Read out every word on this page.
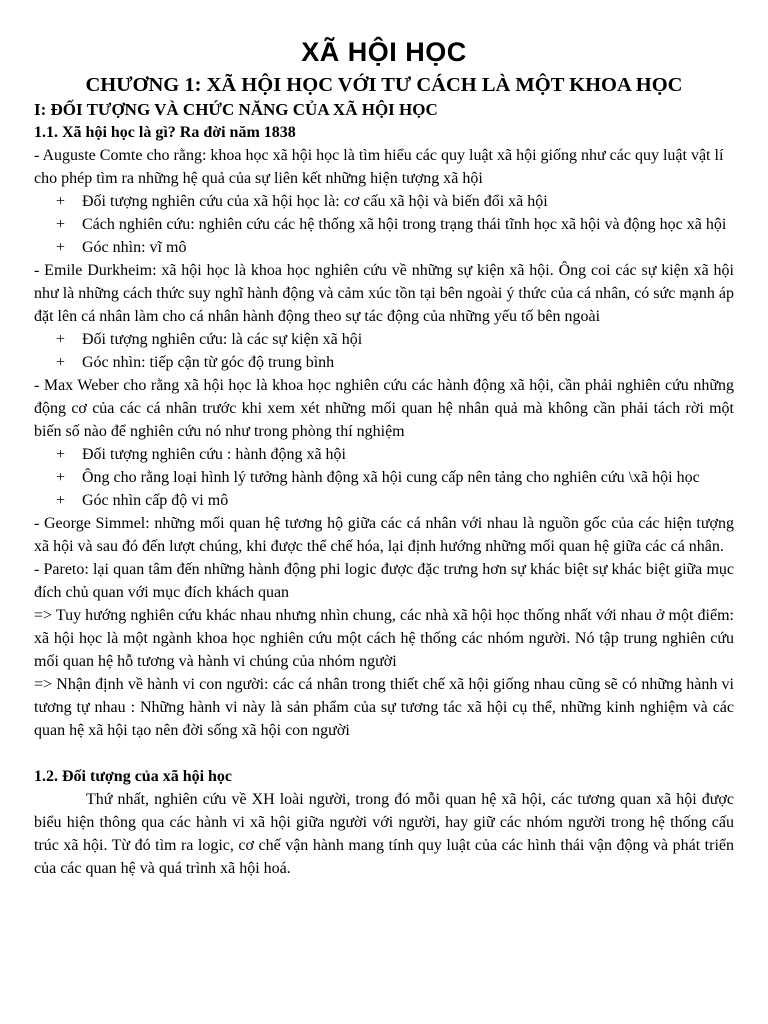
XÃ HỘI HỌC
CHƯƠNG 1: XÃ HỘI HỌC VỚI TƯ CÁCH LÀ MỘT KHOA HỌC
I: ĐỐI TƯỢNG VÀ CHỨC NĂNG CỦA XÃ HỘI HỌC
1.1. Xã hội học là gì? Ra đời năm 1838
- Auguste Comte cho rằng: khoa học xã hội học là tìm hiểu các quy luật xã hội giống như các quy luật vật lí cho phép tìm ra những hệ quả của sự liên kết những hiện tượng xã hội
+	Đối tượng nghiên cứu của xã hội học là: cơ cấu xã hội và biến đổi xã hội
+	Cách nghiên cứu: nghiên cứu các hệ thống xã hội trong trạng thái tĩnh học xã hội và động học xã hội
+	Góc nhìn: vĩ mô
- Emile Durkheim: xã hội học là khoa học nghiên cứu về những sự kiện xã hội. Ông coi các sự kiện xã hội như là những cách thức suy nghĩ hành động và cảm xúc tồn tại bên ngoài ý thức của cá nhân, có sức mạnh áp đặt lên cá nhân làm cho cá nhân hành động theo sự tác động của những yếu tố bên ngoài
+	Đối tượng nghiên cứu: là các sự kiện xã hội
+	Góc nhìn: tiếp cận từ góc độ trung bình
- Max Weber cho rằng xã hội học là khoa học nghiên cứu các hành động xã hội, cần phải nghiên cứu những động cơ của các cá nhân trước khi xem xét những mối quan hệ nhân quả mà không cần phải tách rời một biến số nào để nghiên cứu nó như trong phòng thí nghiệm
+	Đối tượng nghiên cứu : hành động xã hội
+	Ông cho rằng loại hình lý tưởng hành động xã hội cung cấp nên tảng cho nghiên cứu \xã hội học
+	Góc nhìn cấp độ vi mô
- George Simmel: những mối quan hệ tương hộ giữa các cá nhân với nhau là nguồn gốc của các hiện tượng xã hội và sau đó đến lượt chúng, khi được thể chế hóa, lại định hướng những mối quan hệ giữa các cá nhân.
- Pareto: lại quan tâm đến những hành động phi logic được đặc trưng hơn sự khác biệt sự khác biệt giữa mục đích chủ quan với mục đích khách quan
=> Tuy hướng nghiên cứu khác nhau nhưng nhìn chung, các nhà xã hội học thống nhất với nhau ở một điểm: xã hội học là một ngành khoa học nghiên cứu một cách hệ thống các nhóm người. Nó tập trung nghiên cứu mối quan hệ hỗ tương và hành vi chúng của nhóm người
=> Nhận định về hành vi con người: các cá nhân trong thiết chế xã hội giống nhau cũng sẽ có những hành vi tương tự nhau : Những hành vi này là sản phẩm của sự tương tác xã hội cụ thể, những kinh nghiệm và các quan hệ xã hội tạo nên đời sống xã hội con người
1.2. Đối tượng của xã hội học
Thứ nhất, nghiên cứu về XH loài người, trong đó mỗi quan hệ xã hội, các tương quan xã hội được biểu hiện thông qua các hành vi xã hội giữa người với người, hay giữ các nhóm người trong hệ thống cấu trúc xã hội. Từ đó tìm ra logic, cơ chế vận hành mang tính quy luật của các hình thái vận động và phát triển của các quan hệ và quá trình xã hội hoá.
